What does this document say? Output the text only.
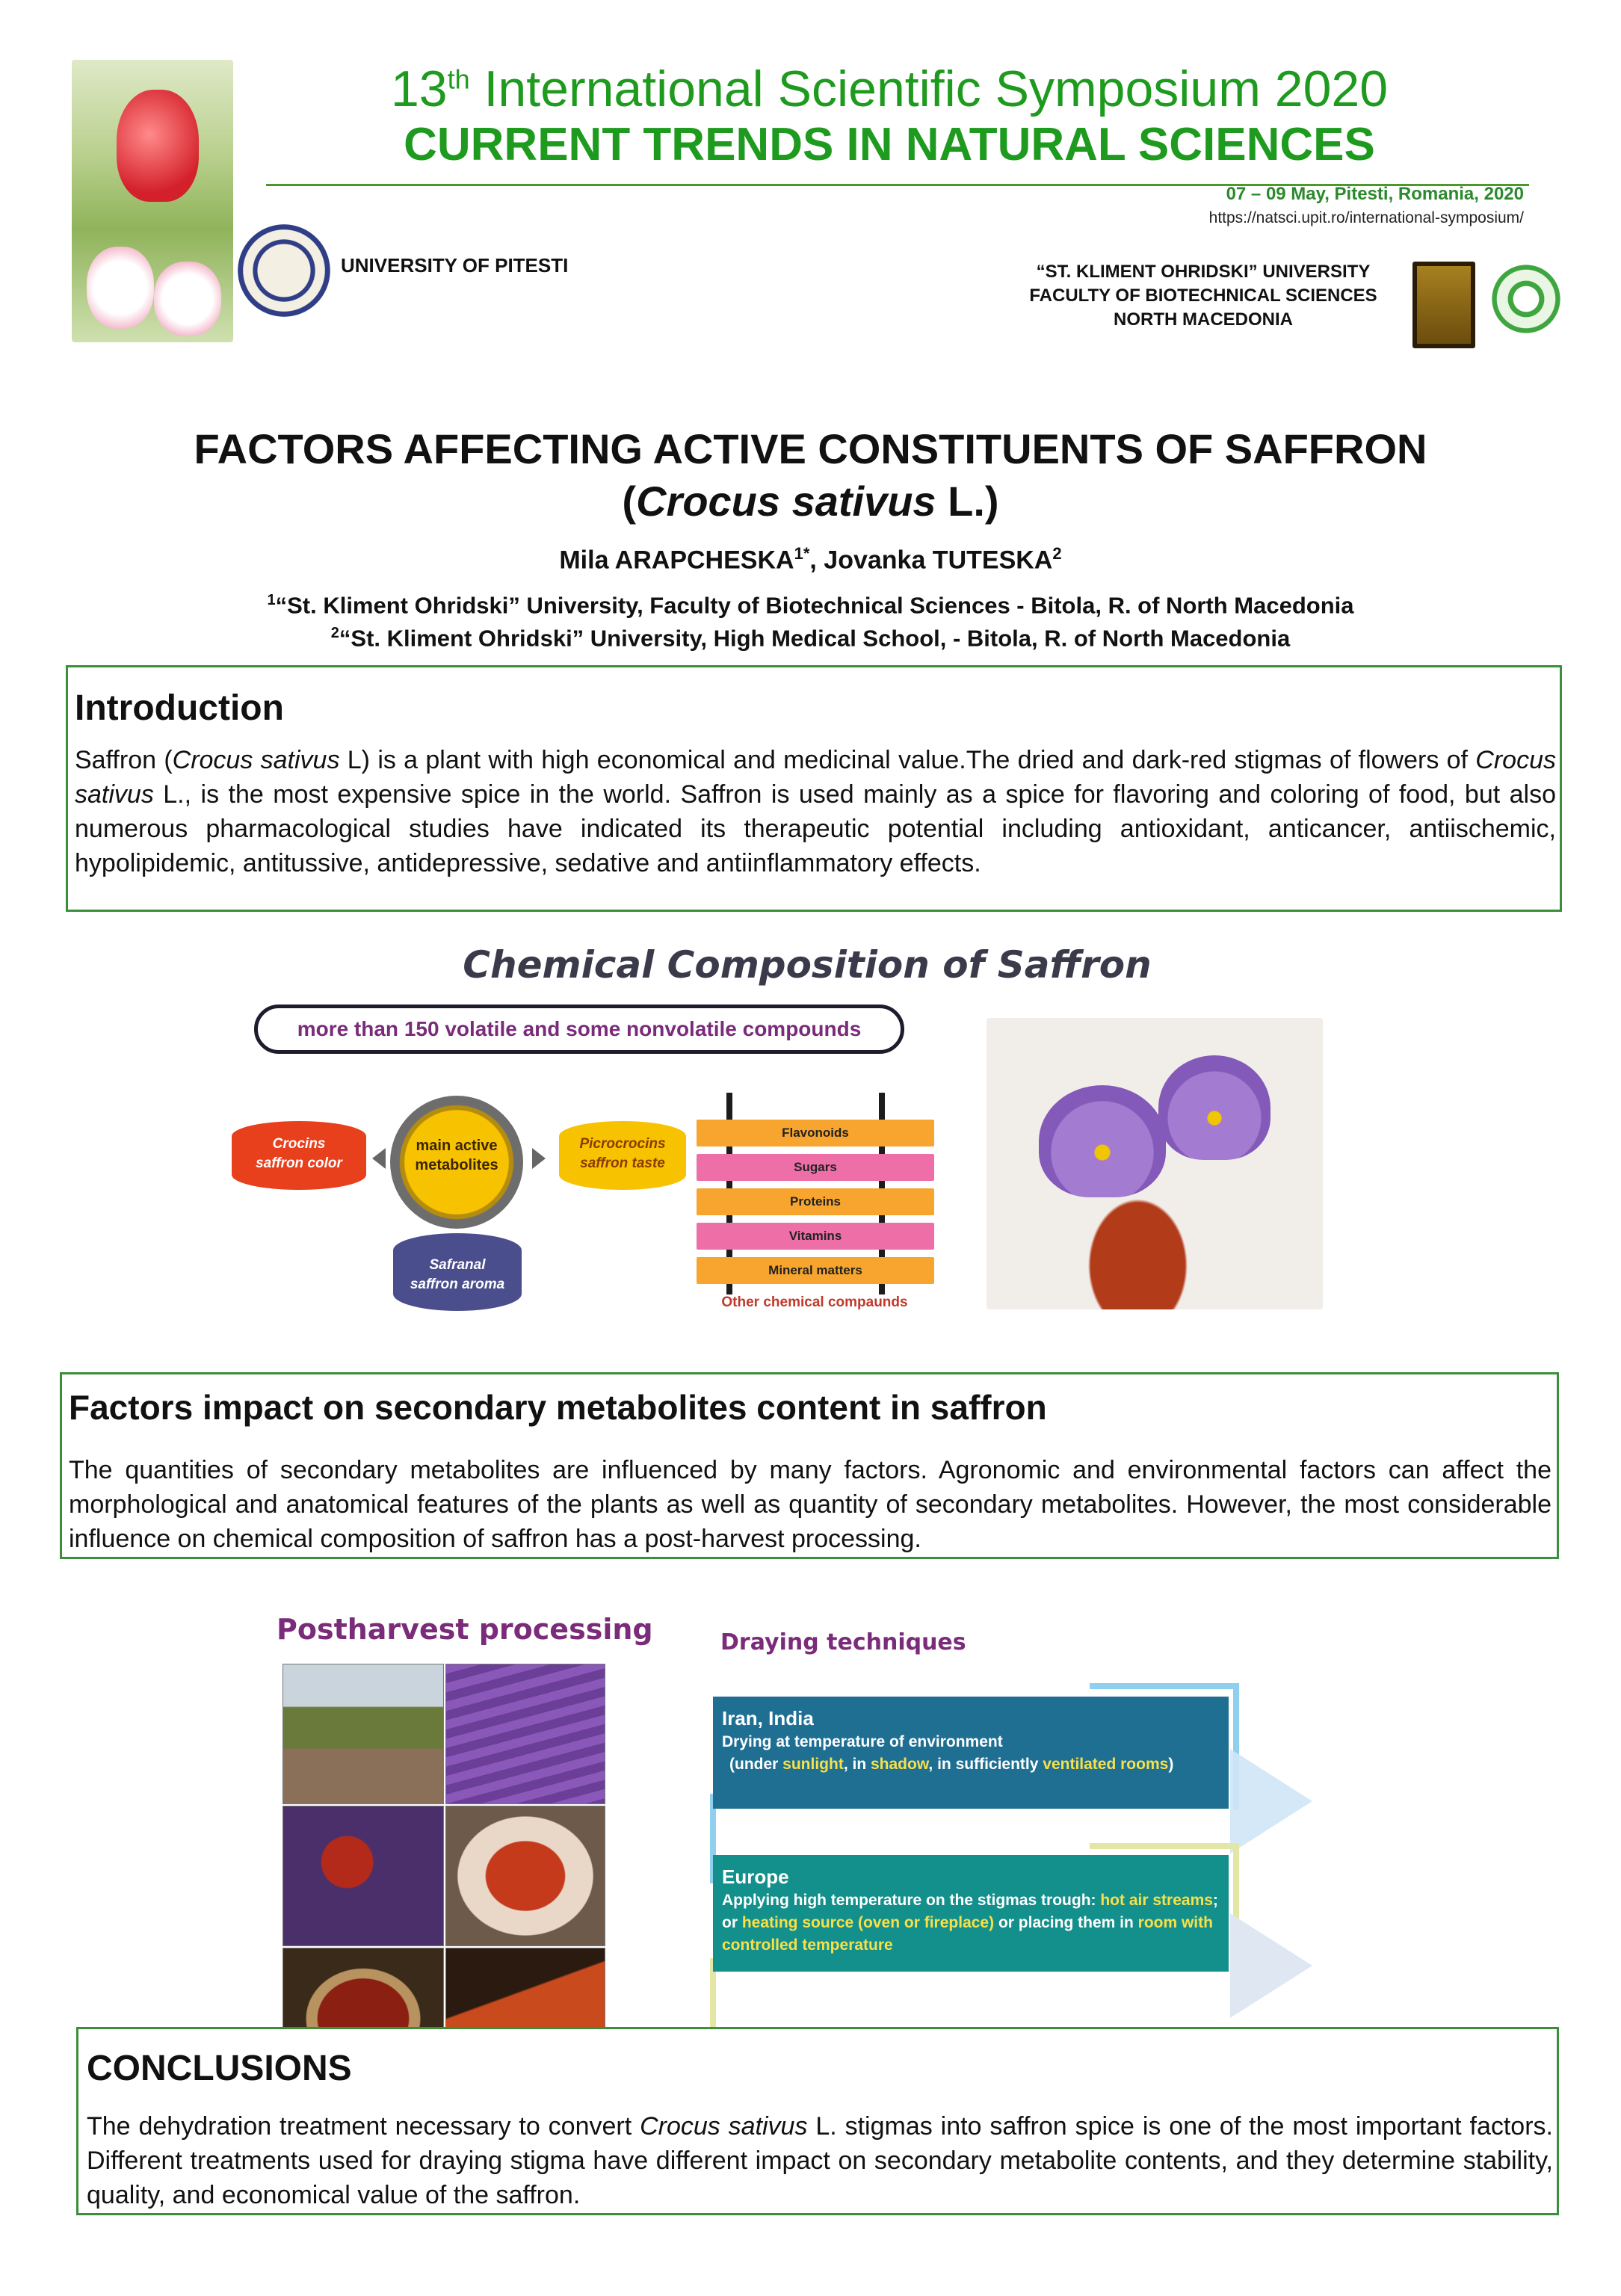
UNIVERSITY OF PITESTI
13th International Scientific Symposium 2020
CURRENT TRENDS IN NATURAL SCIENCES
07 – 09 May, Pitesti, Romania, 2020
https://natsci.upit.ro/international-symposium/
“ST. KLIMENT OHRIDSKI” UNIVERSITY
FACULTY OF BIOTECHNICAL SCIENCES
NORTH MACEDONIA
FACTORS AFFECTING ACTIVE CONSTITUENTS OF SAFFRON
(Crocus sativus L.)
Mila $ARAPCHESKA^{1*}$, Jovanka TUTESKA$^2$
$^1$“St. Kliment Ohridski” University, Faculty of Biotechnical Sciences - Bitola, R. of North Macedonia
$^2$“St. Kliment Ohridski” University, High Medical School, - Bitola, R. of North Macedonia
Introduction
Saffron (Crocus sativus L) is a plant with high economical and medicinal value.The dried and dark-red stigmas of flowers of Crocus sativus L., is the most expensive spice in the world. Saffron is used mainly as a spice for flavoring and coloring of food, but also numerous pharmacological studies have indicated its therapeutic potential including antioxidant, anticancer, antiischemic, hypolipidemic, antitussive, antidepressive, sedative and antiinflammatory effects.
Chemical Composition of Saffron
more than 150 volatile and some nonvolatile compounds
Crocins
saffron color
main active
metabolites
Picrocrocins
saffron taste
Safranal
saffron aroma
Flavonoids
Sugars
Proteins
Vitamins
Mineral matters
Other chemical compaunds
Factors impact on secondary metabolites content in saffron
The quantities of secondary metabolites are influenced by many factors. Agronomic and environmental factors can affect the morphological and anatomical features of the plants as well as quantity of secondary metabolites. However, the most considerable influence on chemical composition of saffron has a post-harvest processing.
Postharvest processing	Draying techniques
Iran, India
Drying at temperature of environment
(under sunlight, in shadow, in sufficiently ventilated rooms)
Europe
Applying high temperature on the stigmas trough: hot air streams; or heating source (oven or fireplace) or placing them in room with controlled temperature
CONCLUSIONS
The dehydration treatment necessary to convert Crocus sativus L. stigmas into saffron spice is one of the most important factors. Different treatments used for draying stigma have different impact on secondary metabolite contents, and they determine stability, quality, and economical value of the saffron.
